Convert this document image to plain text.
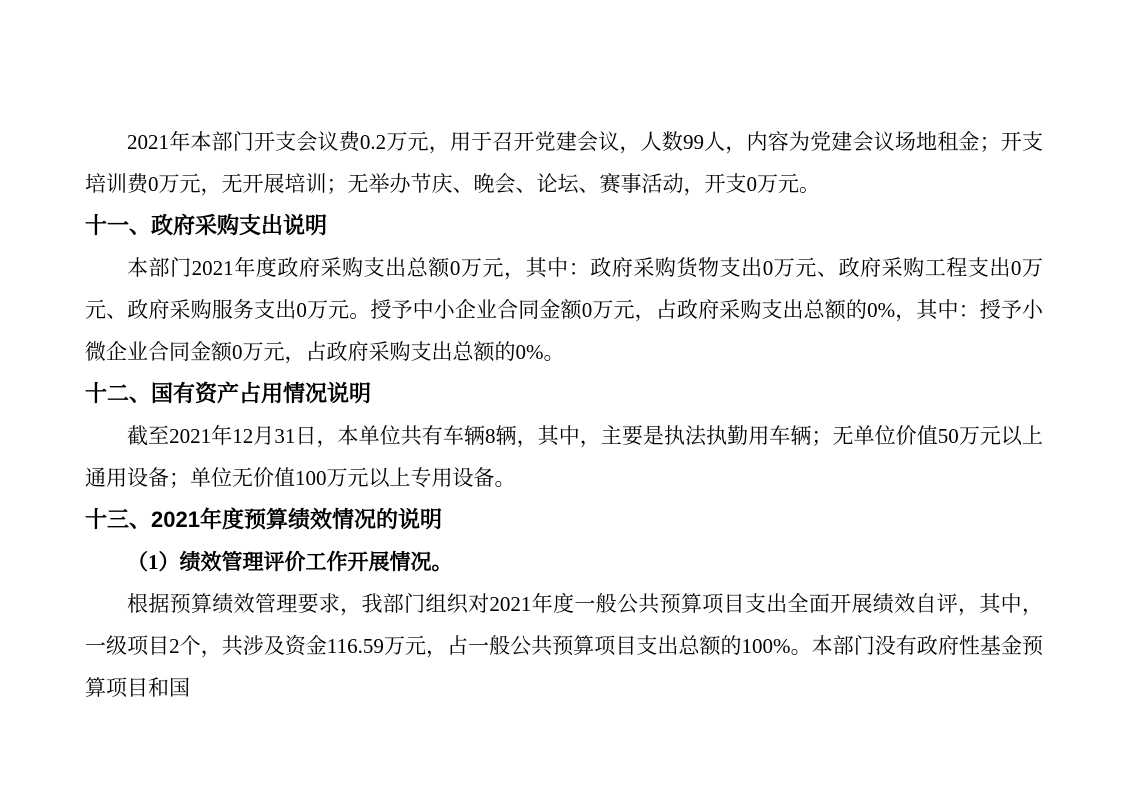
2021年本部门开支会议费0.2万元，用于召开党建会议，人数99人，内容为党建会议场地租金；开支培训费0万元，无开展培训；无举办节庆、晚会、论坛、赛事活动，开支0万元。

十一、政府采购支出说明

本部门2021年度政府采购支出总额0万元，其中：政府采购货物支出0万元、政府采购工程支出0万元、政府采购服务支出0万元。授予中小企业合同金额0万元，占政府采购支出总额的0%，其中：授予小微企业合同金额0万元，占政府采购支出总额的0%。

十二、国有资产占用情况说明

截至2021年12月31日，本单位共有车辆8辆，其中，主要是执法执勤用车辆；无单位价值50万元以上通用设备；单位无价值100万元以上专用设备。

十三、2021年度预算绩效情况的说明

（1）绩效管理评价工作开展情况。

根据预算绩效管理要求，我部门组织对2021年度一般公共预算项目支出全面开展绩效自评，其中，一级项目2个，共涉及资金116.59万元，占一般公共预算项目支出总额的100%。本部门没有政府性基金预算项目和国
